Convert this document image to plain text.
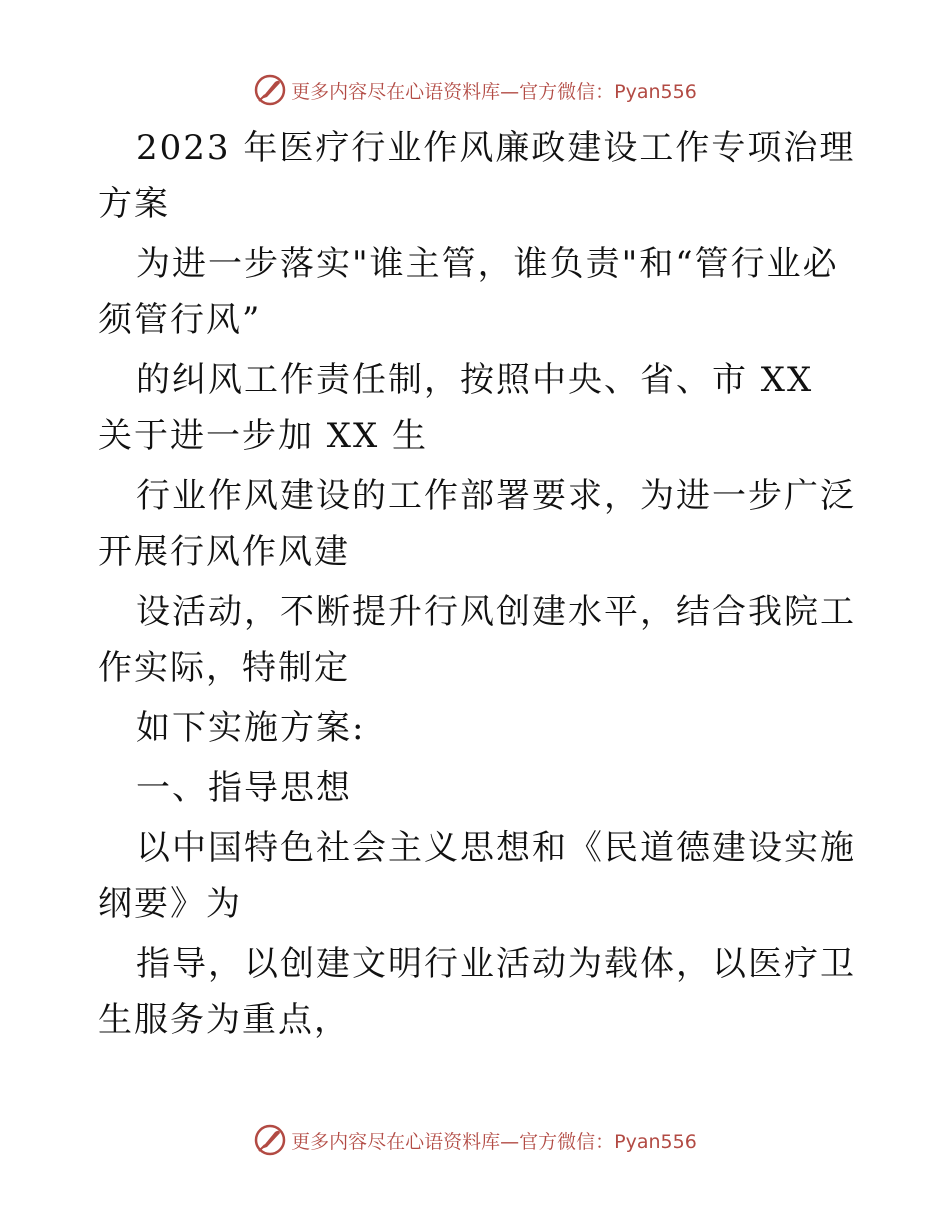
更多内容尽在心语资料库—官方微信：Pyan556

2023 年医疗行业作风廉政建设工作专项治理方案

为进一步落实"谁主管，谁负责"和“管行业必须管行风”

的纠风工作责任制，按照中央、省、市 XX 关于进一步加 XX 生

行业作风建设的工作部署要求，为进一步广泛开展行风作风建

设活动，不断提升行风创建水平，结合我院工作实际，特制定

如下实施方案:

一、指导思想

以中国特色社会主义思想和《民道德建设实施纲要》为

指导，以创建文明行业活动为载体，以医疗卫生服务为重点，

更多内容尽在心语资料库—官方微信：Pyan556
